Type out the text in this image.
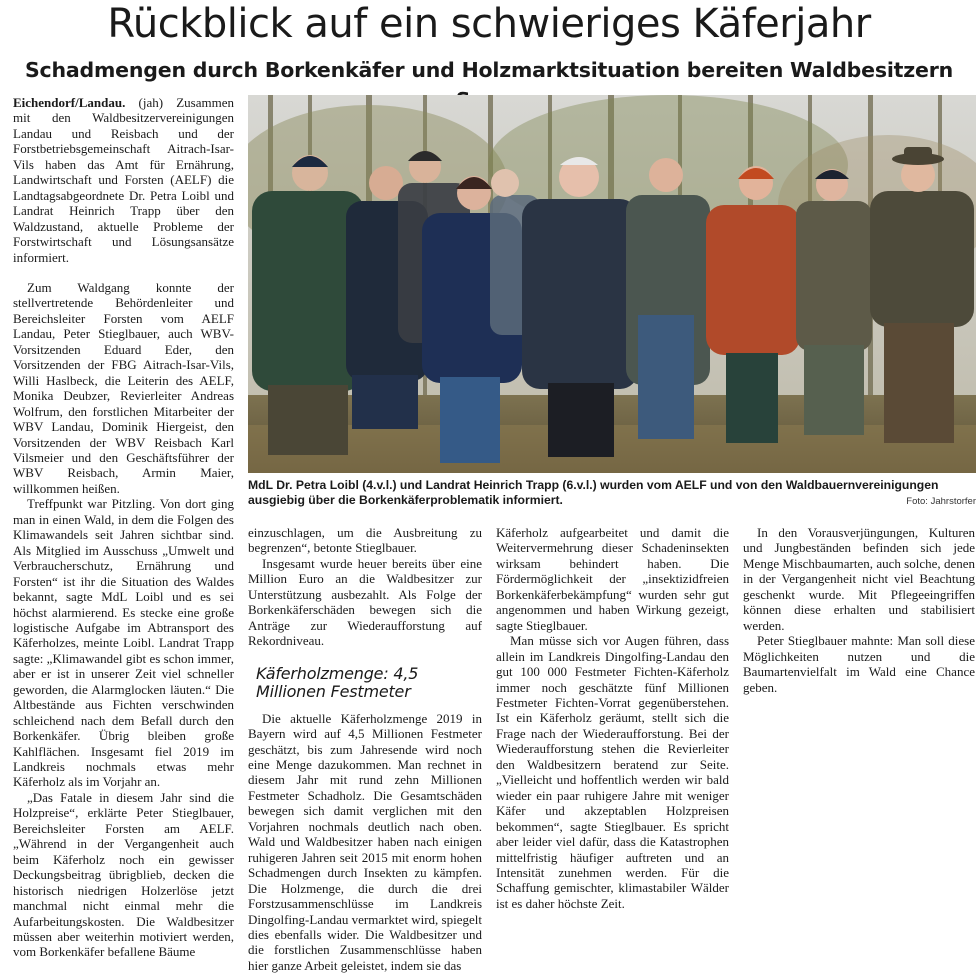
Rückblick auf ein schwieriges Käferjahr
Schadmengen durch Borkenkäfer und Holzmarktsituation bereiten Waldbesitzern

MdL Dr. Petra Loibl (4.v.l.) und Landrat Heinrich Trapp (6.v.l.) wurden vom AELF und von den Waldbauernvereinigungen ausgiebig über die Borkenkäferproblematik informiert.	Foto: Jahrstorfer

Eichendorf/Landau. (jah) Zusammen mit den Waldbesitzervereinigungen Landau und Reisbach und der Forstbetriebsgemeinschaft Aitrach-Isar-Vils haben das Amt für Ernährung, Landwirtschaft und Forsten (AELF) die Landtagsabgeordnete Dr. Petra Loibl und Landrat Heinrich Trapp über den Waldzustand, aktuelle Probleme der Forstwirtschaft und Lösungsansätze informiert.

Zum Waldgang konnte der stellvertretende Behördenleiter und Bereichsleiter Forsten vom AELF Landau, Peter Stieglbauer, auch WBV-Vorsitzenden Eduard Eder, den Vorsitzenden der FBG Aitrach-Isar-Vils, Willi Haslbeck, die Leiterin des AELF, Monika Deubzer, Revierleiter Andreas Wolfrum, den forstlichen Mitarbeiter der WBV Landau, Dominik Hiergeist, den Vorsitzenden der WBV Reisbach Karl Vilsmeier und den Geschäftsführer der WBV Reisbach, Armin Maier, willkommen heißen.

Treffpunkt war Pitzling. Von dort ging man in einen Wald, in dem die Folgen des Klimawandels seit Jahren sichtbar sind. Als Mitglied im Ausschuss „Umwelt und Verbraucherschutz, Ernährung und Forsten“ ist ihr die Situation des Waldes bekannt, sagte MdL Loibl und es sei höchst alarmierend. Es stecke eine große logistische Aufgabe im Abtransport des Käferholzes, meinte Loibl. Landrat Trapp sagte: „Klimawandel gibt es schon immer, aber er ist in unserer Zeit viel schneller geworden, die Alarmglocken läuten.“ Die Altbestände aus Fichten verschwinden schleichend nach dem Befall durch den Borkenkäfer. Übrig bleiben große Kahlflächen. Insgesamt fiel 2019 im Landkreis nochmals etwas mehr Käferholz als im Vorjahr an.

„Das Fatale in diesem Jahr sind die Holzpreise“, erklärte Peter Stieglbauer, Bereichsleiter Forsten am AELF. „Während in der Vergangenheit auch beim Käferholz noch ein gewisser Deckungsbeitrag übrigblieb, decken die historisch niedrigen Holzerlöse jetzt manchmal nicht einmal mehr die Aufarbeitungskosten. Die Waldbesitzer müssen aber weiterhin motiviert werden, vom Borkenkäfer befallene Bäume

einzuschlagen, um die Ausbreitung zu begrenzen“, betonte Stieglbauer.

Insgesamt wurde heuer bereits über eine Million Euro an die Waldbesitzer zur Unterstützung ausbezahlt. Als Folge der Borkenkäferschäden bewegen sich die Anträge zur Wiederaufforstung auf Rekordniveau.

Käferholzmenge: 4,5 Millionen Festmeter

Die aktuelle Käferholzmenge 2019 in Bayern wird auf 4,5 Millionen Festmeter geschätzt, bis zum Jahresende wird noch eine Menge dazukommen. Man rechnet in diesem Jahr mit rund zehn Millionen Festmeter Schadholz. Die Gesamtschäden bewegen sich damit verglichen mit den Vorjahren nochmals deutlich nach oben. Wald und Waldbesitzer haben nach einigen ruhigeren Jahren seit 2015 mit enorm hohen Schadmengen durch Insekten zu kämpfen. Die Holzmenge, die durch die drei Forstzusammenschlüsse im Landkreis Dingolfing-Landau vermarktet wird, spiegelt dies ebenfalls wider. Die Waldbesitzer und die forstlichen Zusammenschlüsse haben hier ganze Arbeit geleistet, indem sie das

Käferholz aufgearbeitet und damit die Weitervermehrung dieser Schadeninsekten wirksam behindert haben. Die Fördermöglichkeit der „insektizidfreien Borkenkäferbekämpfung“ wurden sehr gut angenommen und haben Wirkung gezeigt, sagte Stieglbauer.

Man müsse sich vor Augen führen, dass allein im Landkreis Dingolfing-Landau den gut 100 000 Festmeter Fichten-Käferholz immer noch geschätzte fünf Millionen Festmeter Fichten-Vorrat gegenüberstehen. Ist ein Käferholz geräumt, stellt sich die Frage nach der Wiederaufforstung. Bei der Wiederaufforstung stehen die Revierleiter den Waldbesitzern beratend zur Seite. „Vielleicht und hoffentlich werden wir bald wieder ein paar ruhigere Jahre mit weniger Käfer und akzeptablen Holzpreisen bekommen“, sagte Stieglbauer. Es spricht aber leider viel dafür, dass die Katastrophen mittelfristig häufiger auftreten und an Intensität zunehmen werden. Für die Schaffung gemischter, klimastabiler Wälder ist es daher höchste Zeit.

In den Vorausverjüngungen, Kulturen und Jungbeständen befinden sich jede Menge Mischbaumarten, auch solche, denen in der Vergangenheit nicht viel Beachtung geschenkt wurde. Mit Pflegeeingriffen können diese erhalten und stabilisiert werden.

Peter Stieglbauer mahnte: Man soll diese Möglichkeiten nutzen und die Baumartenvielfalt im Wald eine Chance geben.
